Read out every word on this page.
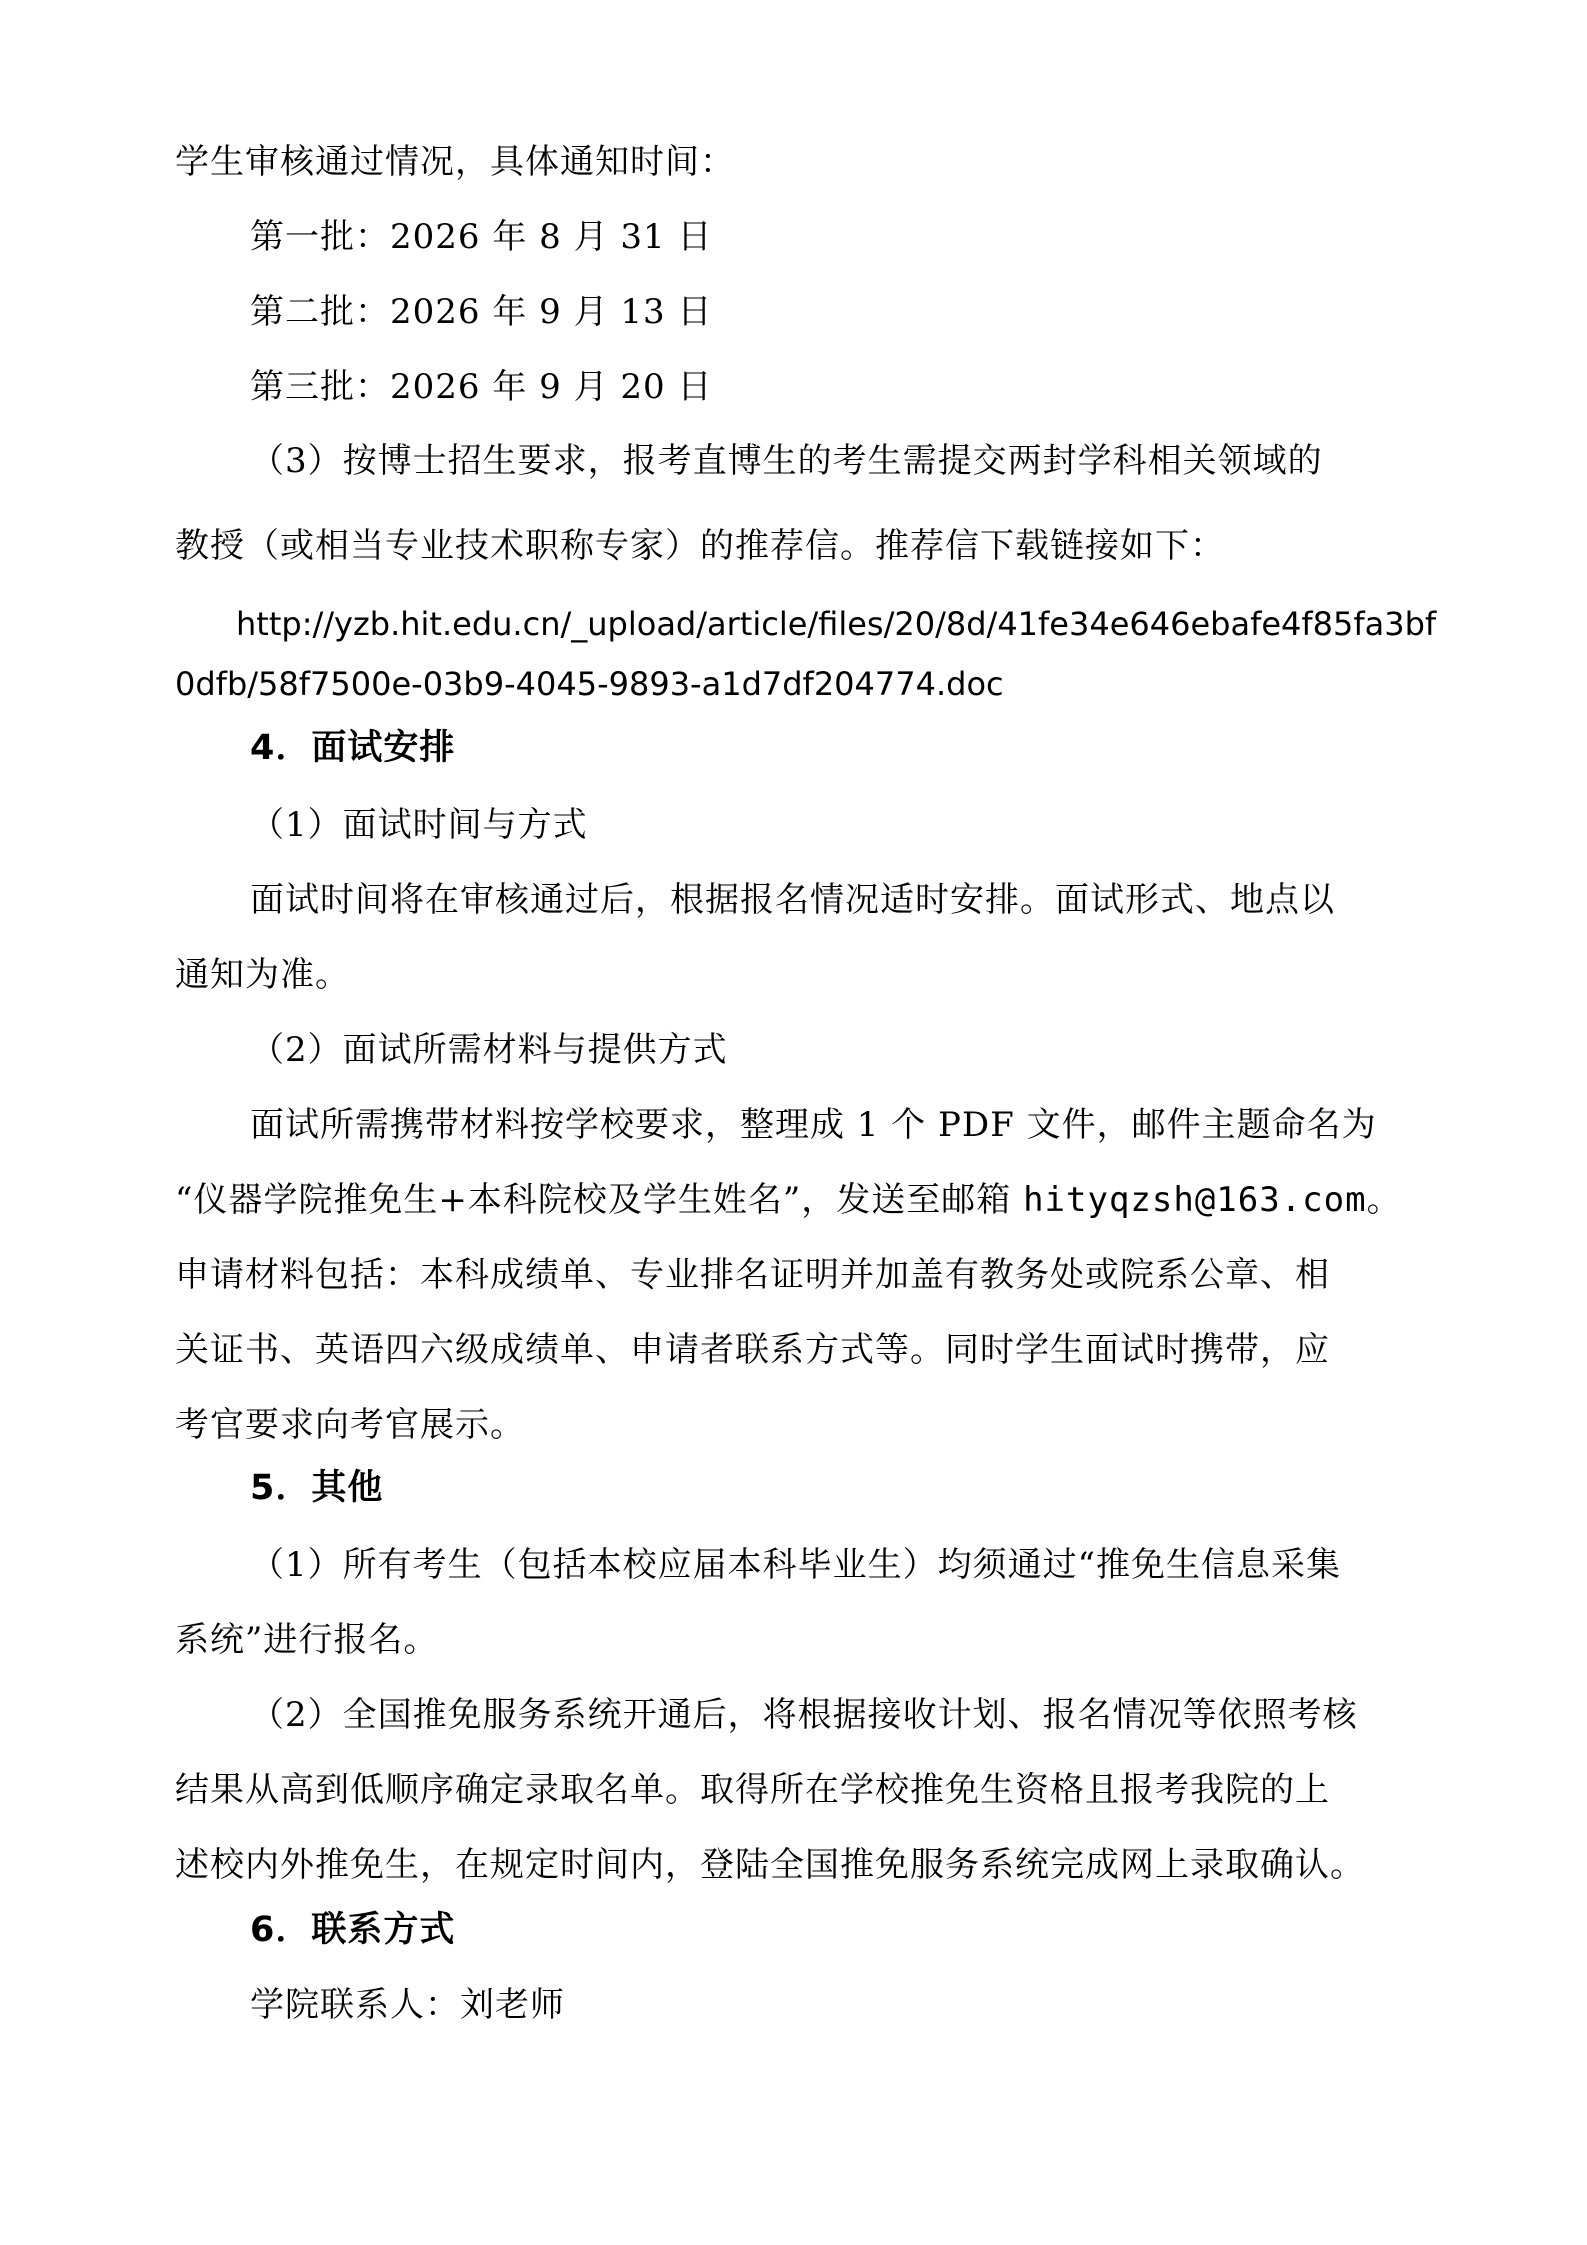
学生审核通过情况，具体通知时间：
第一批：2026 年 8 月 31 日
第二批：2026 年 9 月 13 日
第三批：2026 年 9 月 20 日
（3）按博士招生要求，报考直博生的考生需提交两封学科相关领域的
教授（或相当专业技术职称专家）的推荐信。推荐信下载链接如下：
http://yzb.hit.edu.cn/_upload/article/files/20/8d/41fe34e646ebafe4f85fa3bf
0dfb/58f7500e-03b9-4045-9893-a1d7df204774.doc
4．面试安排
（1）面试时间与方式
面试时间将在审核通过后，根据报名情况适时安排。面试形式、地点以
通知为准。
（2）面试所需材料与提供方式
面试所需携带材料按学校要求，整理成 1 个 PDF 文件，邮件主题命名为
“仪器学院推免生+本科院校及学生姓名”，发送至邮箱 hityqzsh@163.com。
申请材料包括：本科成绩单、专业排名证明并加盖有教务处或院系公章、相
关证书、英语四六级成绩单、申请者联系方式等。同时学生面试时携带，应
考官要求向考官展示。
5．其他
（1）所有考生（包括本校应届本科毕业生）均须通过“推免生信息采集
系统”进行报名。
（2）全国推免服务系统开通后，将根据接收计划、报名情况等依照考核
结果从高到低顺序确定录取名单。取得所在学校推免生资格且报考我院的上
述校内外推免生，在规定时间内，登陆全国推免服务系统完成网上录取确认。
6．联系方式
学院联系人：刘老师
